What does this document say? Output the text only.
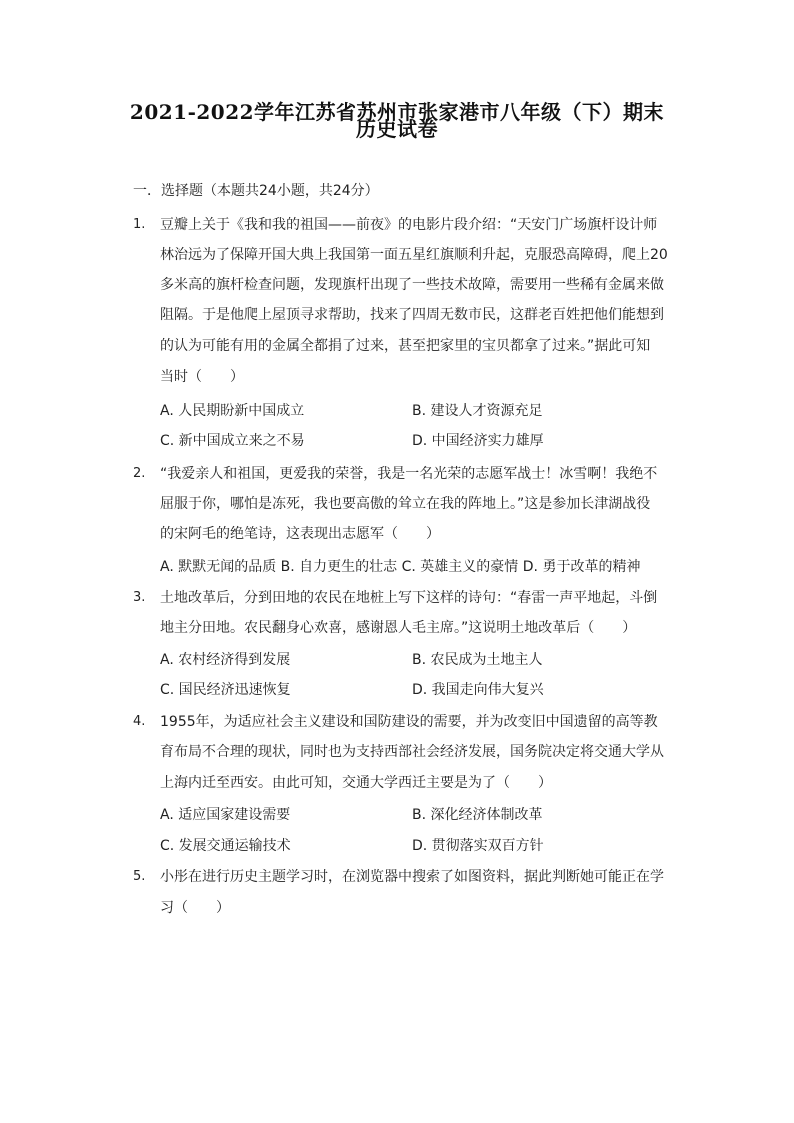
2021-2022学年江苏省苏州市张家港市八年级（下）期末
历史试卷
一．选择题（本题共24小题，共24分）
1.	豆瓣上关于《我和我的祖国——前夜》的电影片段介绍：“天安门广场旗杆设计师
林治远为了保障开国大典上我国第一面五星红旗顺利升起，克服恐高障碍，爬上20
多米高的旗杆检查问题，发现旗杆出现了一些技术故障，需要用一些稀有金属来做
阻隔。于是他爬上屋顶寻求帮助，找来了四周无数市民，这群老百姓把他们能想到
的认为可能有用的金属全都捐了过来，甚至把家里的宝贝都拿了过来。”据此可知
当时（　　）
A. 人民期盼新中国成立	B. 建设人才资源充足
C. 新中国成立来之不易	D. 中国经济实力雄厚
2.	“我爱亲人和祖国，更爱我的荣誉，我是一名光荣的志愿军战士！冰雪啊！我绝不
屈服于你，哪怕是冻死，我也要高傲的耸立在我的阵地上。”这是参加长津湖战役
的宋阿毛的绝笔诗，这表现出志愿军（　　）
A. 默默无闻的品质 B. 自力更生的壮志 C. 英雄主义的豪情 D. 勇于改革的精神
3.	土地改革后，分到田地的农民在地桩上写下这样的诗句：“春雷一声平地起，斗倒
地主分田地。农民翻身心欢喜，感谢恩人毛主席。”这说明土地改革后（　　）
A. 农村经济得到发展	B. 农民成为土地主人
C. 国民经济迅速恢复	D. 我国走向伟大复兴
4.	1955年，为适应社会主义建设和国防建设的需要，并为改变旧中国遗留的高等教
育布局不合理的现状，同时也为支持西部社会经济发展，国务院决定将交通大学从
上海内迁至西安。由此可知，交通大学西迁主要是为了（　　）
A. 适应国家建设需要	B. 深化经济体制改革
C. 发展交通运输技术	D. 贯彻落实双百方针
5.	小彤在进行历史主题学习时，在浏览器中搜索了如图资料，据此判断她可能正在学
习（　　）
